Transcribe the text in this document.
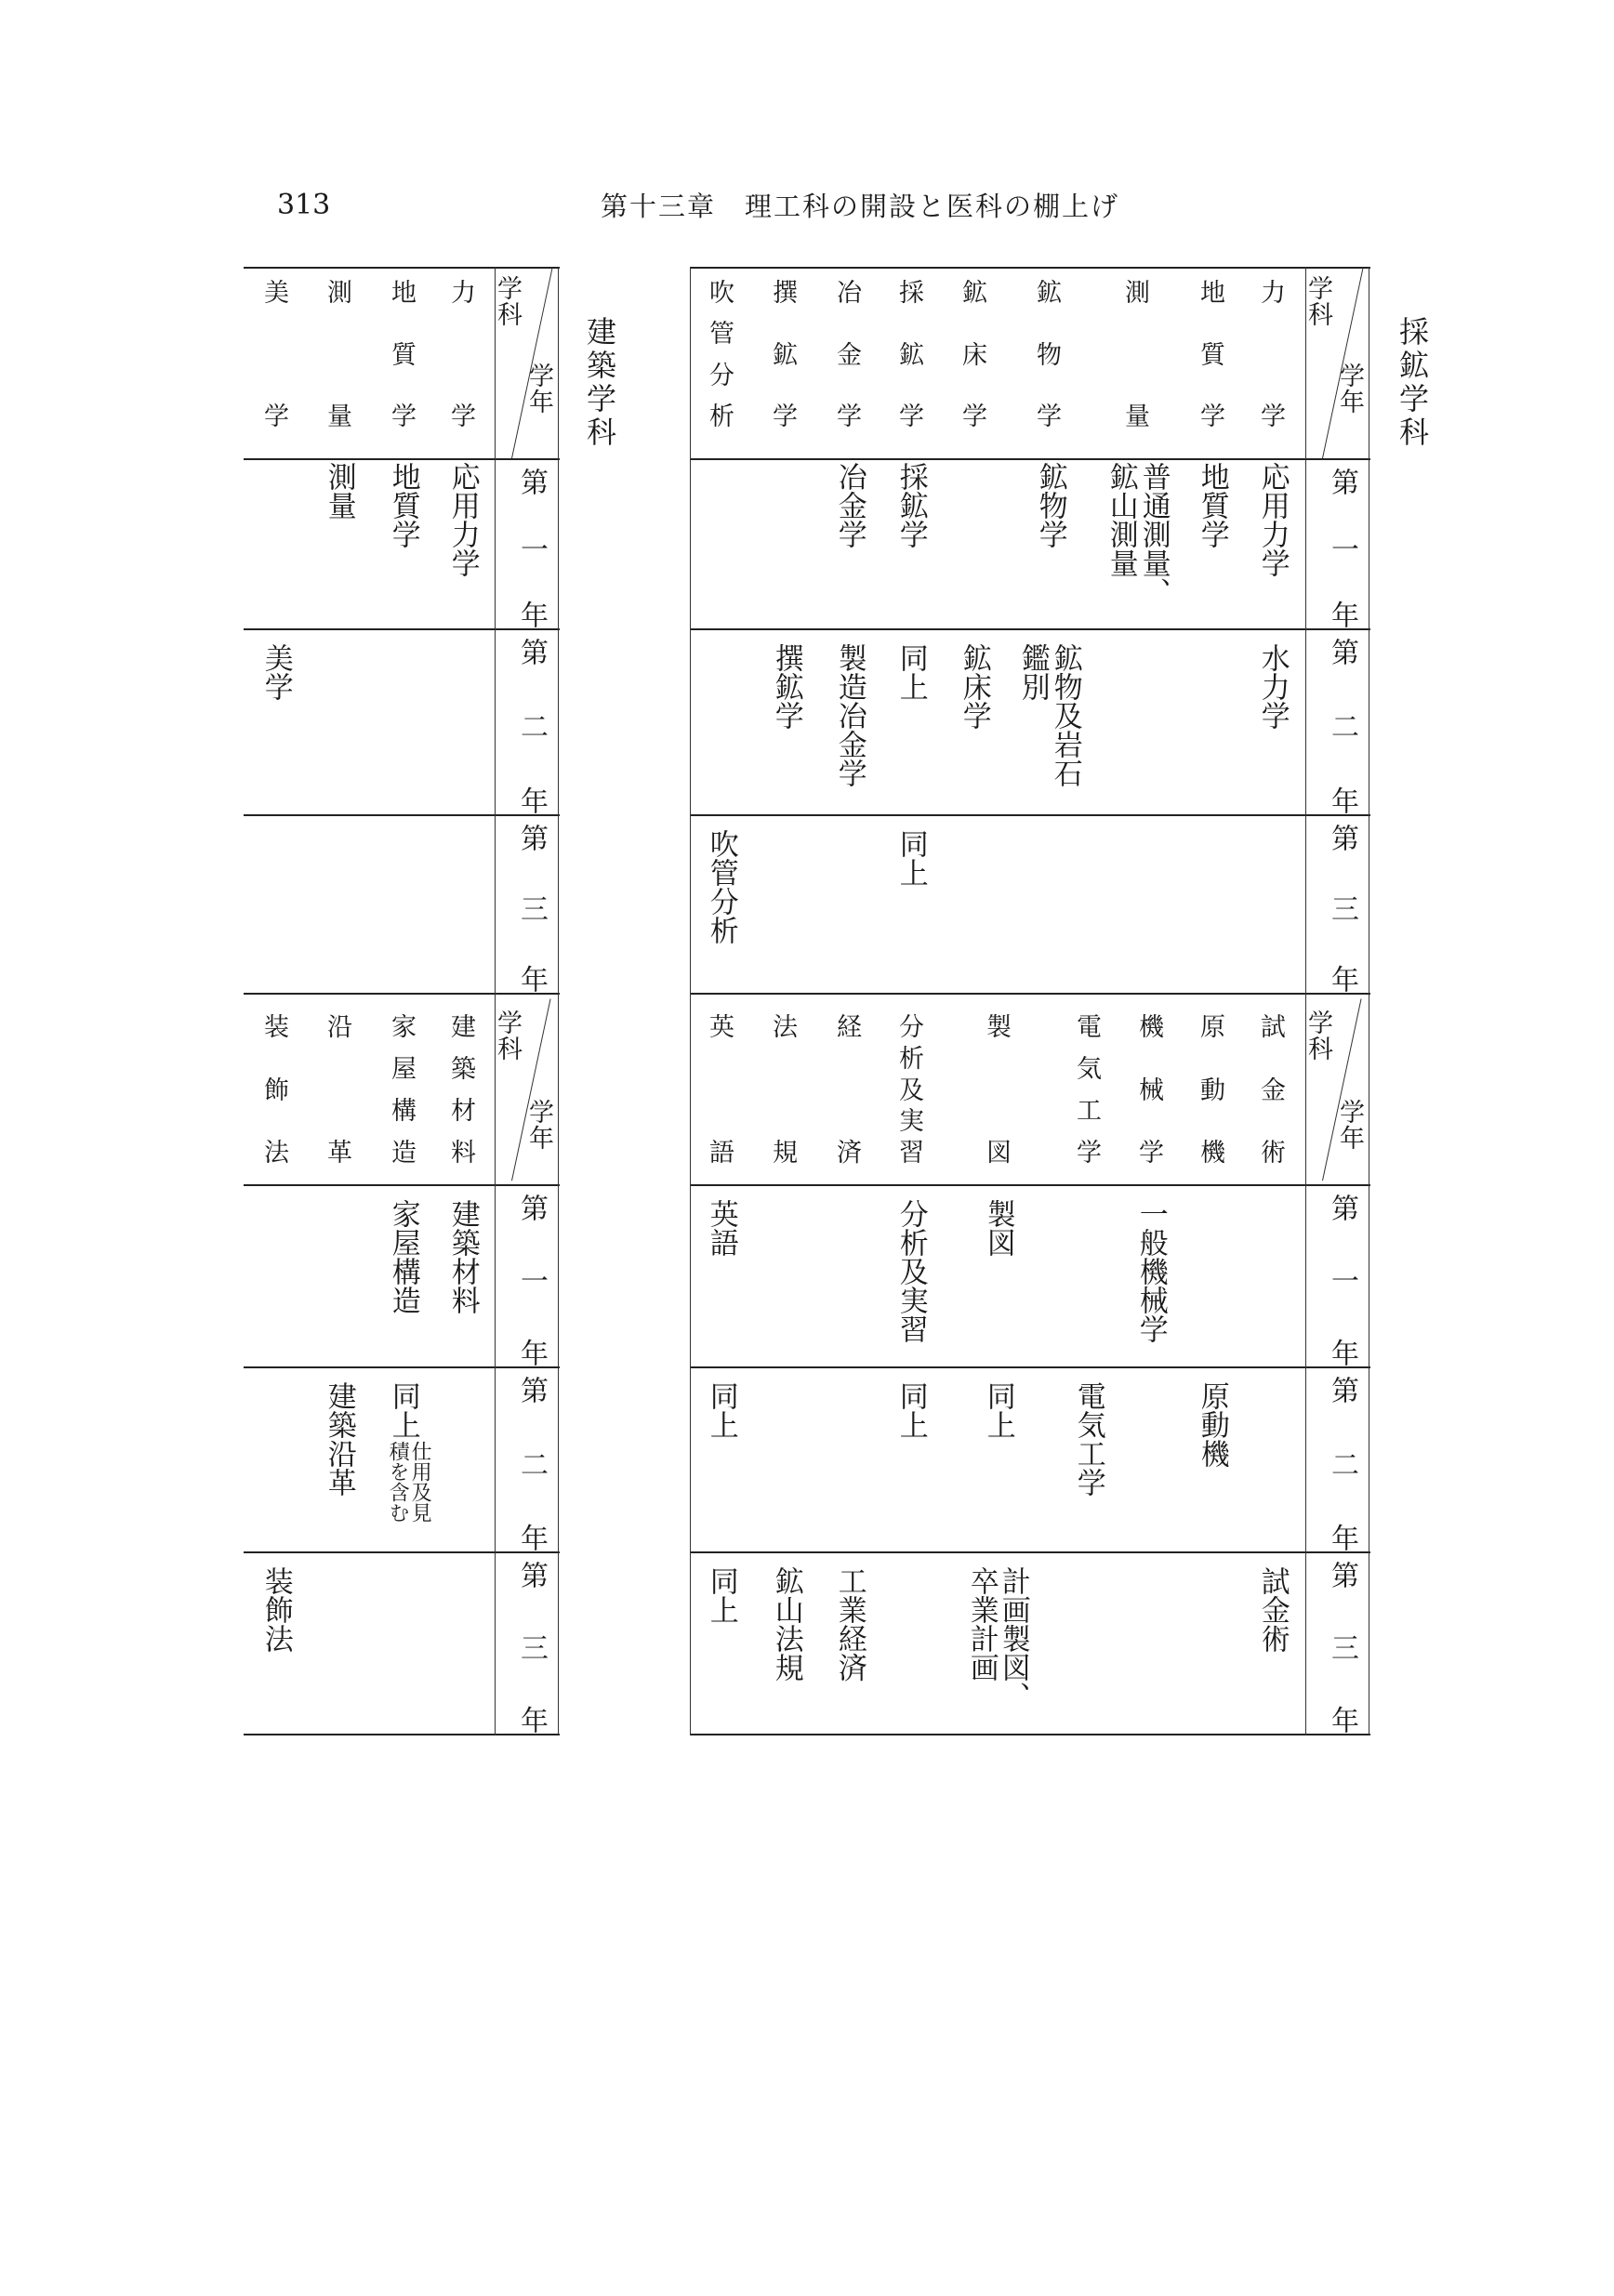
313	第十三章　理工科の開設と医科の棚上げ
採鉱学科
建築学科
学科
学年
学科
学年
学科
学年
学科
学年
第
一
年
第
二
年
第
三
年
第
一
年
第
二
年
第
三
年
第
一
年
第
二
年
第
三
年
第
一
年
第
二
年
第
三
年
力
学
地
質
学
測
量
鉱
物
学
鉱
床
学
採
鉱
学
冶
金
学
撰
鉱
学
吹
管
分
析
応用力学
地質学
普通測量、
鉱山測量
鉱物学
採鉱学
冶金学
水力学
鉱物及岩石
鑑別
鉱床学
同上
製造冶金学
撰鉱学
同上
吹管分析
試
金
術
原
動
機
機
械
学
電
気
工
学
製
図
分
析
及
実
習
経
済
法
規
英
語
一般機械学
製図
分析及実習
英語
原動機
電気工学
同上
同上
同上
試金術
計画製図、
卒業計画
工業経済
鉱山法規
同上
力
学
地
質
学
測
量
美
学
応用力学
地質学
測量
美学
建
築
材
料
家
屋
構
造
沿
革
装
飾
法
建築材料
家屋構造
同上
仕用及見
積を含む
建築沿革
装飾法
